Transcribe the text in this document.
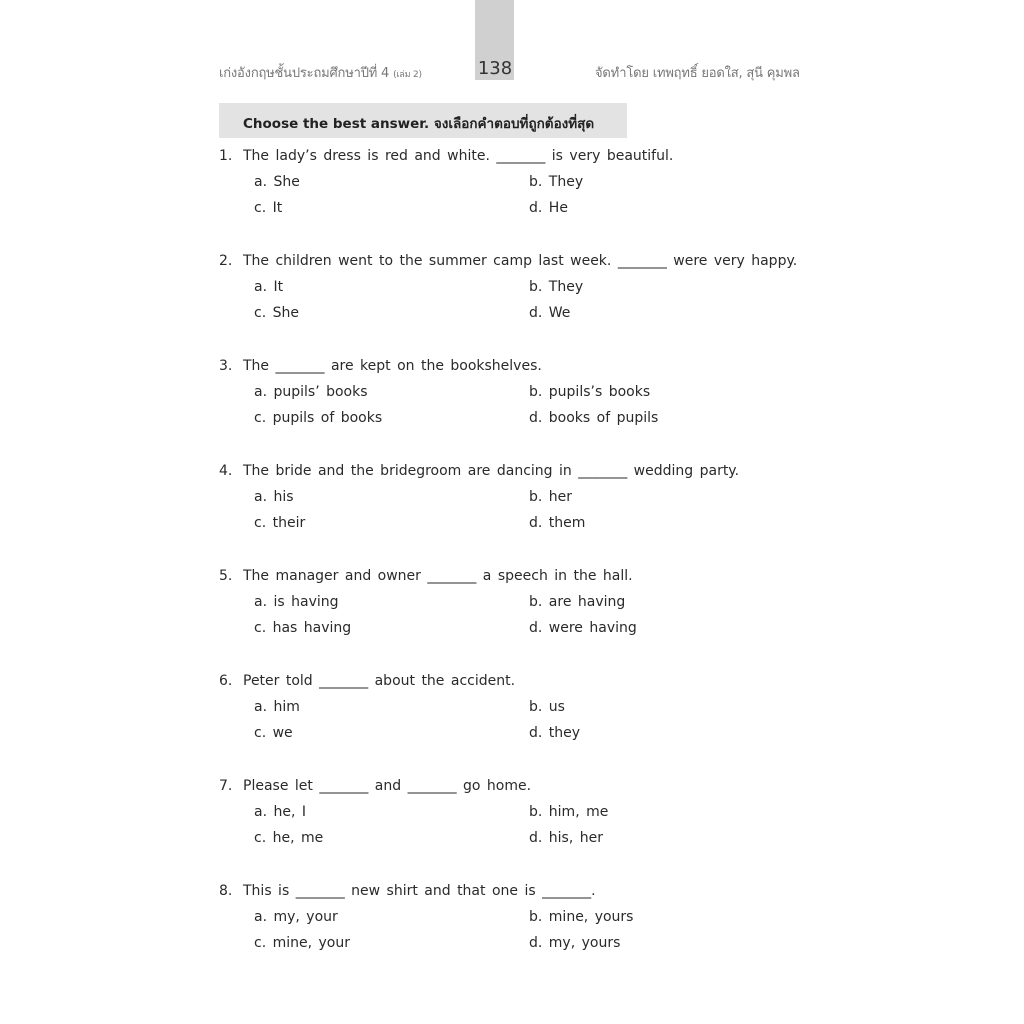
138
เก่งอังกฤษชั้นประถมศึกษาปีที่ 4 (เล่ม 2)	จัดทำโดย เทพฤทธิ์ ยอดใส, สุนี คุมพล
Choose the best answer. จงเลือกคำตอบที่ถูกต้องที่สุด
1. The lady’s dress is red and white. _______ is very beautiful.
a. She	b. They
c. It	d. He
2. The children went to the summer camp last week. _______ were very happy.
a. It	b. They
c. She	d. We
3. The _______ are kept on the bookshelves.
a. pupils’ books	b. pupils’s books
c. pupils of books	d. books of pupils
4. The bride and the bridegroom are dancing in _______ wedding party.
a. his	b. her
c. their	d. them
5. The manager and owner _______ a speech in the hall.
a. is having	b. are having
c. has having	d. were having
6. Peter told _______ about the accident.
a. him	b. us
c. we	d. they
7. Please let _______ and _______ go home.
a. he, I	b. him, me
c. he, me	d. his, her
8. This is _______ new shirt and that one is _______.
a. my, your	b. mine, yours
c. mine, your	d. my, yours
